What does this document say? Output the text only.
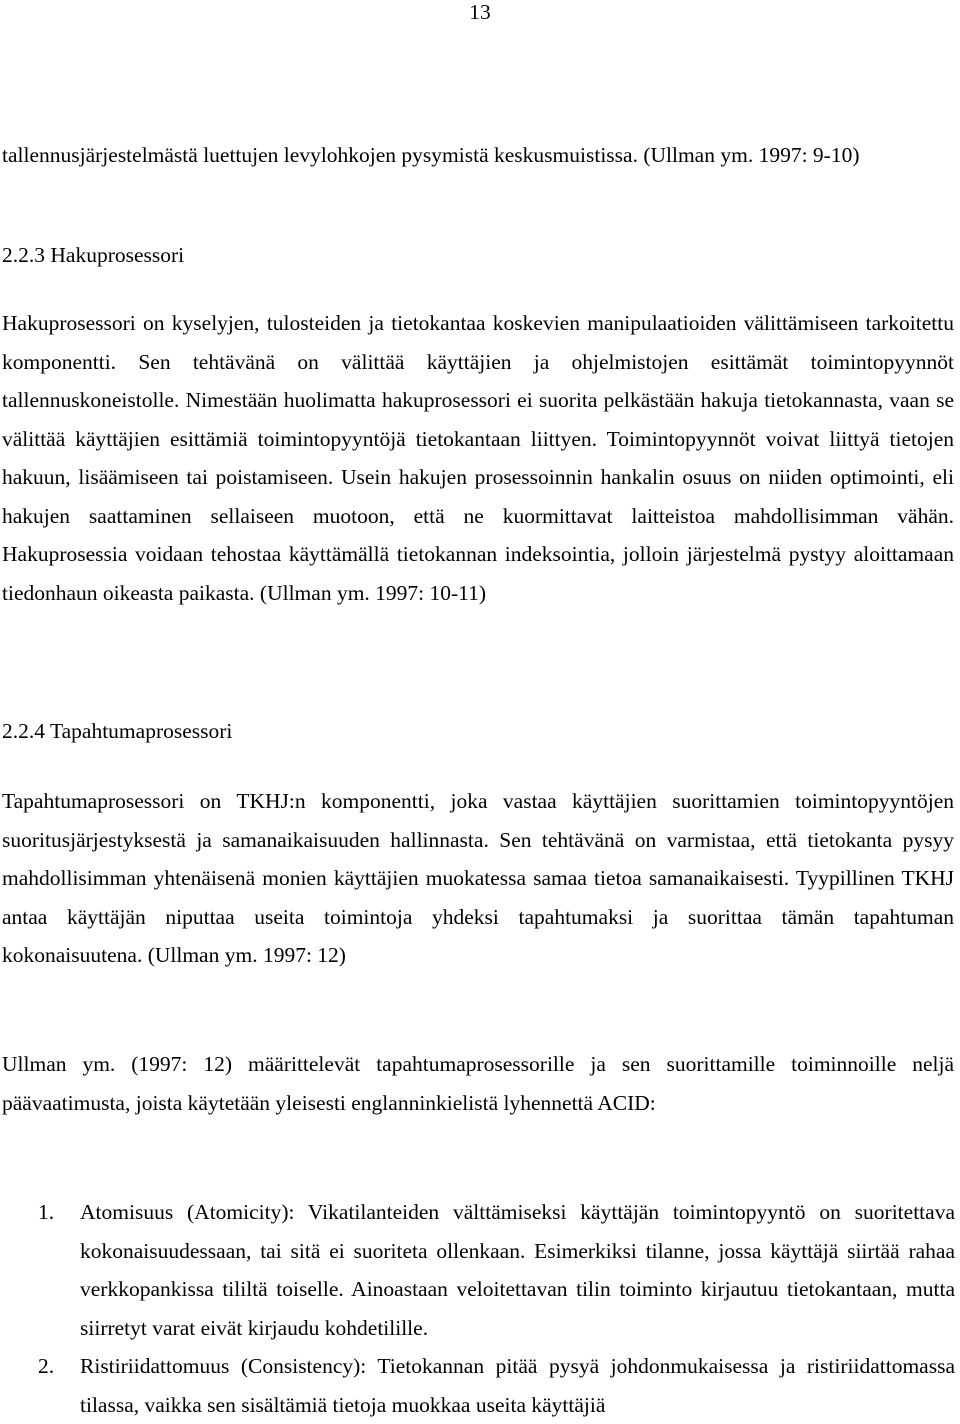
13

tallennusjärjestelmästä luettujen levylohkojen pysymistä keskusmuistissa. (Ullman ym. 1997: 9-10)

2.2.3 Hakuprosessori

Hakuprosessori on kyselyjen, tulosteiden ja tietokantaa koskevien manipulaatioiden välittämiseen tarkoitettu komponentti. Sen tehtävänä on välittää käyttäjien ja ohjelmistojen esittämät toimintopyynnöt tallennuskoneistolle. Nimestään huolimatta hakuprosessori ei suorita pelkästään hakuja tietokannasta, vaan se välittää käyttäjien esittämiä toimintopyyntöjä tietokantaan liittyen. Toimintopyynnöt voivat liittyä tietojen hakuun, lisäämiseen tai poistamiseen. Usein hakujen prosessoinnin hankalin osuus on niiden optimointi, eli hakujen saattaminen sellaiseen muotoon, että ne kuormittavat laitteistoa mahdollisimman vähän. Hakuprosessia voidaan tehostaa käyttämällä tietokannan indeksointia, jolloin järjestelmä pystyy aloittamaan tiedonhaun oikeasta paikasta. (Ullman ym. 1997: 10-11)

2.2.4 Tapahtumaprosessori

Tapahtumaprosessori on TKHJ:n komponentti, joka vastaa käyttäjien suorittamien toimintopyyntöjen suoritusjärjestyksestä ja samanaikaisuuden hallinnasta. Sen tehtävänä on varmistaa, että tietokanta pysyy mahdollisimman yhtenäisenä monien käyttäjien muokatessa samaa tietoa samanaikaisesti. Tyypillinen TKHJ antaa käyttäjän niputtaa useita toimintoja yhdeksi tapahtumaksi ja suorittaa tämän tapahtuman kokonaisuutena. (Ullman ym. 1997: 12)

Ullman ym. (1997: 12) määrittelevät tapahtumaprosessorille ja sen suorittamille toiminnoille neljä päävaatimusta, joista käytetään yleisesti englanninkielistä lyhennettä ACID:

1. Atomisuus (Atomicity): Vikatilanteiden välttämiseksi käyttäjän toimintopyyntö on suoritettava kokonaisuudessaan, tai sitä ei suoriteta ollenkaan. Esimerkiksi tilanne, jossa käyttäjä siirtää rahaa verkkopankissa tililtä toiselle. Ainoastaan veloitettavan tilin toiminto kirjautuu tietokantaan, mutta siirretyt varat eivät kirjaudu kohdetilille.
2. Ristiriidattomuus (Consistency): Tietokannan pitää pysyä johdonmukaisessa ja ristiriidattomassa tilassa, vaikka sen sisältämiä tietoja muokkaa useita käyttäjiä
